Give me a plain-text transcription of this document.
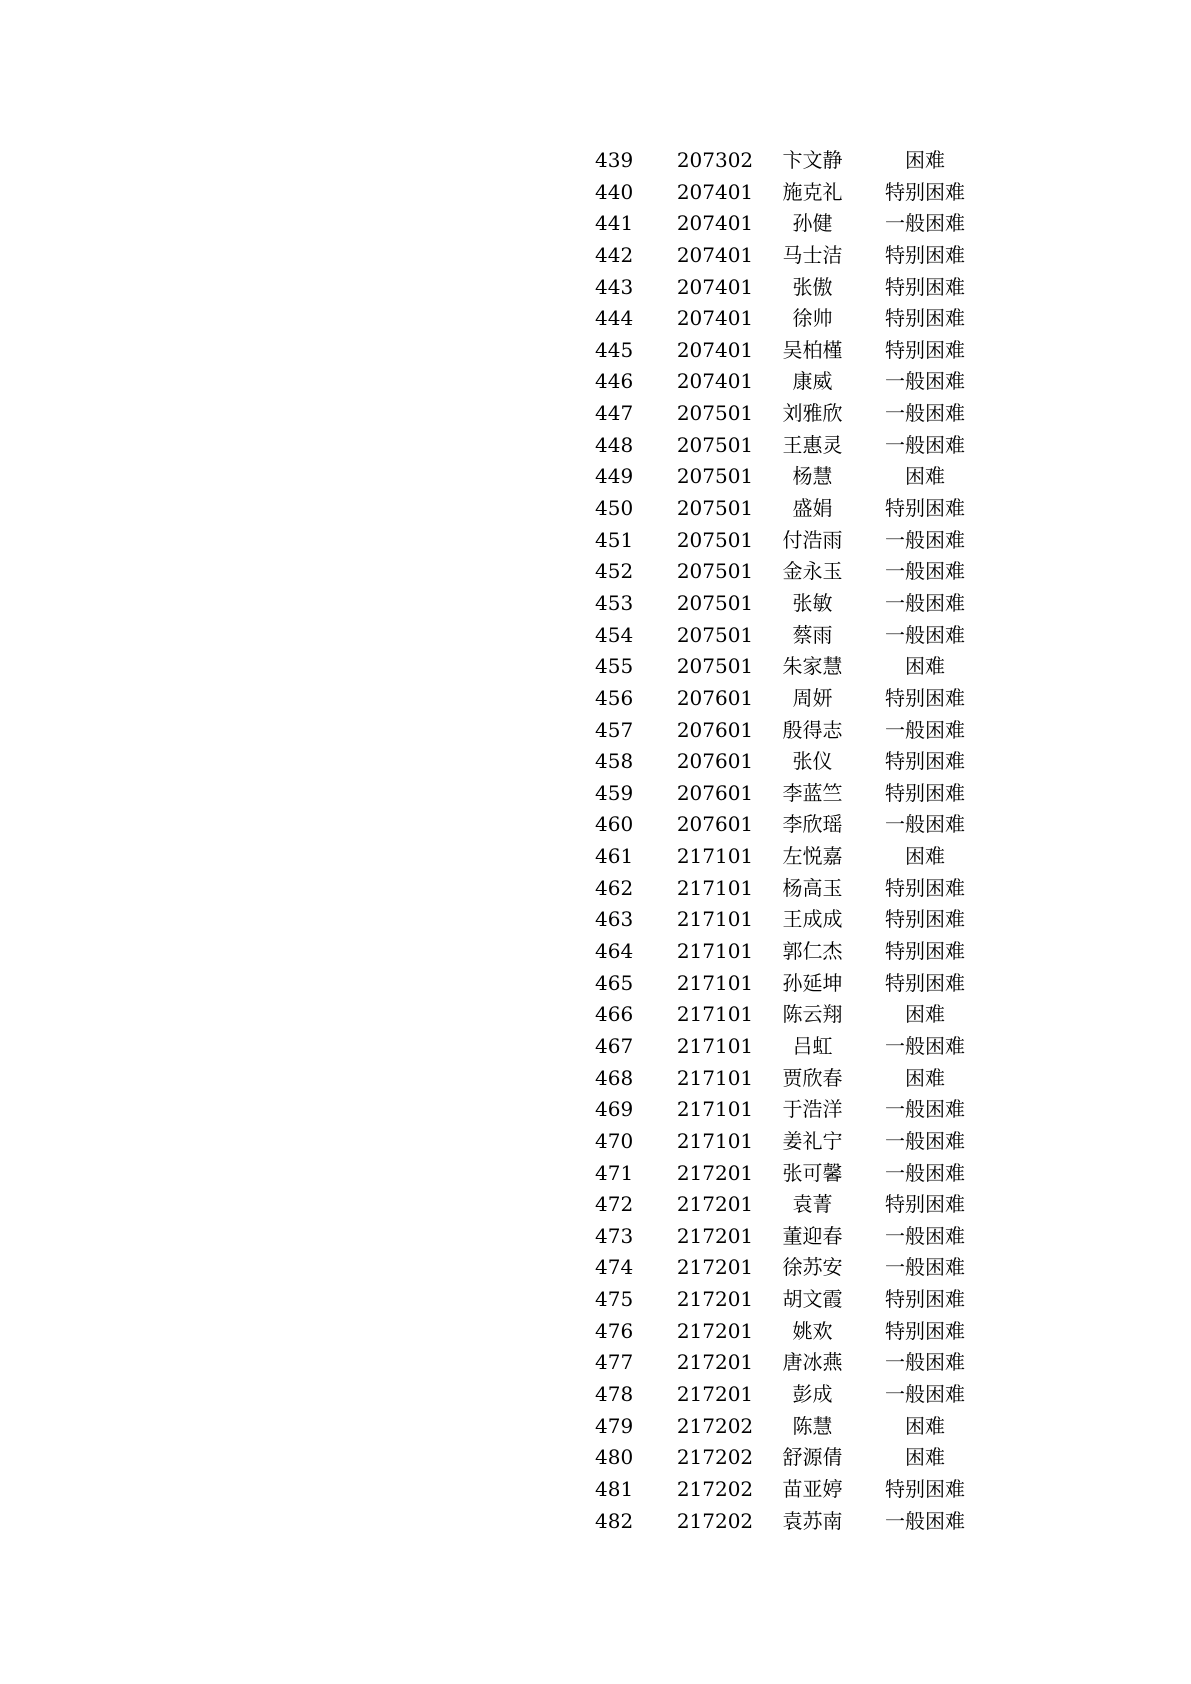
439	207302	卞文静	困难
440	207401	施克礼	特别困难
441	207401	孙健	一般困难
442	207401	马士洁	特别困难
443	207401	张傲	特别困难
444	207401	徐帅	特别困难
445	207401	吴柏槿	特别困难
446	207401	康威	一般困难
447	207501	刘雅欣	一般困难
448	207501	王惠灵	一般困难
449	207501	杨慧	困难
450	207501	盛娟	特别困难
451	207501	付浩雨	一般困难
452	207501	金永玉	一般困难
453	207501	张敏	一般困难
454	207501	蔡雨	一般困难
455	207501	朱家慧	困难
456	207601	周妍	特别困难
457	207601	殷得志	一般困难
458	207601	张仪	特别困难
459	207601	李蓝竺	特别困难
460	207601	李欣瑶	一般困难
461	217101	左悦嘉	困难
462	217101	杨高玉	特别困难
463	217101	王成成	特别困难
464	217101	郭仁杰	特别困难
465	217101	孙延坤	特别困难
466	217101	陈云翔	困难
467	217101	吕虹	一般困难
468	217101	贾欣春	困难
469	217101	于浩洋	一般困难
470	217101	姜礼宁	一般困难
471	217201	张可馨	一般困难
472	217201	袁菁	特别困难
473	217201	董迎春	一般困难
474	217201	徐苏安	一般困难
475	217201	胡文霞	特别困难
476	217201	姚欢	特别困难
477	217201	唐冰燕	一般困难
478	217201	彭成	一般困难
479	217202	陈慧	困难
480	217202	舒源倩	困难
481	217202	苗亚婷	特别困难
482	217202	袁苏南	一般困难
